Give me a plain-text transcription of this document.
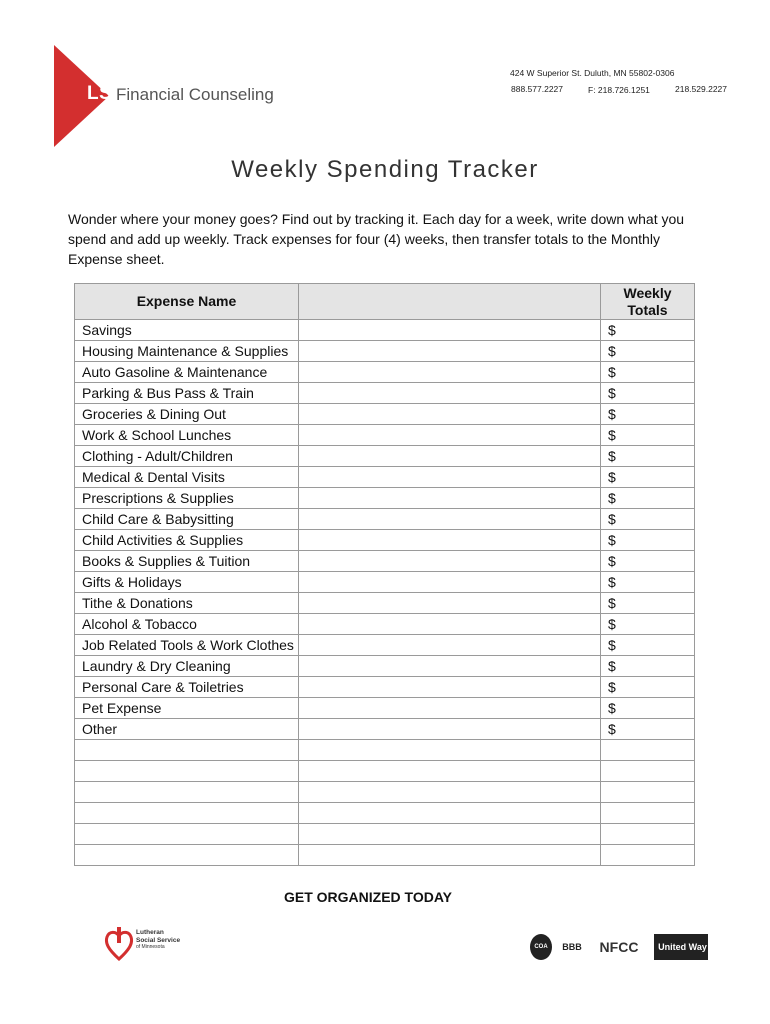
LSS
Financial Counseling
424 W Superior St. Duluth, MN 55802-0306
888.577.2227	F: 218.726.1251	218.529.2227
Weekly Spending Tracker

Wonder where your money goes? Find out by tracking it. Each day for a week, write down what you spend and add up weekly. Track expenses for four (4) weeks, then transfer totals to the Monthly Expense sheet.

Expense Name		Weekly Totals
Savings		$
Housing Maintenance & Supplies		$
Auto Gasoline & Maintenance		$
Parking & Bus Pass & Train		$
Groceries & Dining Out		$
Work & School Lunches		$
Clothing - Adult/Children		$
Medical & Dental Visits		$
Prescriptions & Supplies		$
Child Care & Babysitting		$
Child Activities & Supplies		$
Books & Supplies & Tuition		$
Gifts & Holidays		$
Tithe & Donations		$
Alcohol & Tobacco		$
Job Related Tools & Work Clothes		$
Laundry & Dry Cleaning		$
Personal Care & Toiletries		$
Pet Expense		$
Other		$

GET ORGANIZED TODAY
Lutheran
Social Service
of Minnesota	COA	BBB	NFCC	United Way
